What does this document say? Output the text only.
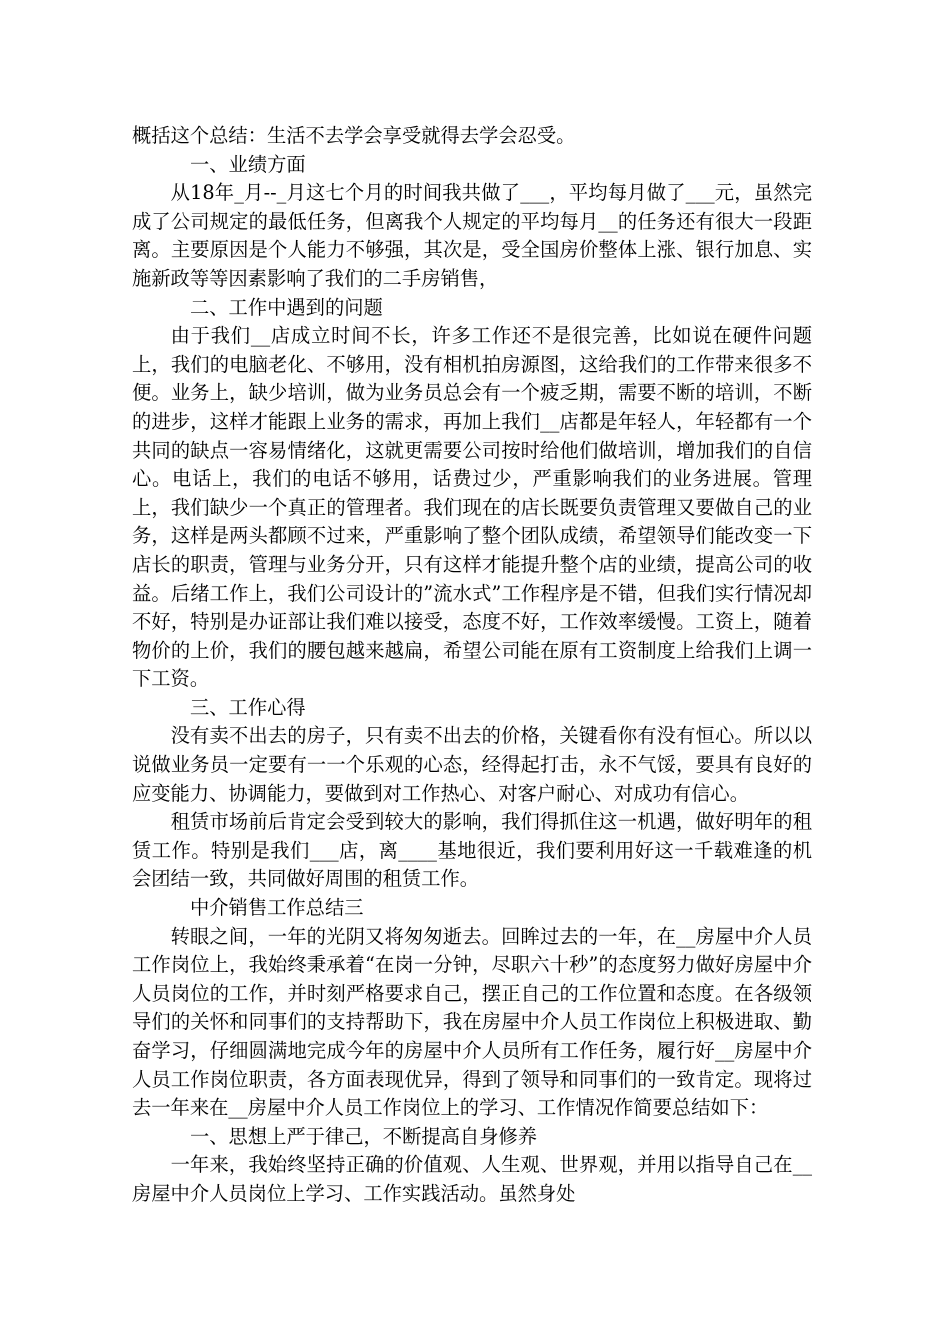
概括这个总结：生活不去学会享受就得去学会忍受。

一、业绩方面

从18年_月--_月这七个月的时间我共做了___，平均每月做了___元，虽然完成了公司规定的最低任务，但离我个人规定的平均每月__的任务还有很大一段距离。主要原因是个人能力不够强，其次是，受全国房价整体上涨、银行加息、实施新政等等因素影响了我们的二手房销售，

二、工作中遇到的问题

由于我们__店成立时间不长，许多工作还不是很完善，比如说在硬件问题上，我们的电脑老化、不够用，没有相机拍房源图，这给我们的工作带来很多不便。业务上，缺少培训，做为业务员总会有一个疲乏期，需要不断的培训，不断的进步，这样才能跟上业务的需求，再加上我们__店都是年轻人，年轻都有一个共同的缺点一容易情绪化，这就更需要公司按时给他们做培训，增加我们的自信心。电话上，我们的电话不够用，话费过少，严重影响我们的业务进展。管理上，我们缺少一个真正的管理者。我们现在的店长既要负责管理又要做自己的业务，这样是两头都顾不过来，严重影响了整个团队成绩，希望领导们能改变一下店长的职责，管理与业务分开，只有这样才能提升整个店的业绩，提高公司的收益。后绪工作上，我们公司设计的”流水式”工作程序是不错，但我们实行情况却不好，特别是办证部让我们难以接受，态度不好，工作效率缓慢。工资上，随着物价的上价，我们的腰包越来越扁，希望公司能在原有工资制度上给我们上调一下工资。

三、工作心得

没有卖不出去的房子，只有卖不出去的价格，关键看你有没有恒心。所以以说做业务员一定要有一一个乐观的心态，经得起打击，永不气馁，要具有良好的应变能力、协调能力，要做到对工作热心、对客户耐心、对成功有信心。

租赁市场前后肯定会受到较大的影响，我们得抓住这一机遇，做好明年的租赁工作。特别是我们___店，离____基地很近，我们要利用好这一千载难逢的机会团结一致，共同做好周围的租赁工作。

中介销售工作总结三

转眼之间，一年的光阴又将匆匆逝去。回眸过去的一年，在__房屋中介人员工作岗位上，我始终秉承着“在岗一分钟，尽职六十秒”的态度努力做好房屋中介人员岗位的工作，并时刻严格要求自己，摆正自己的工作位置和态度。在各级领导们的关怀和同事们的支持帮助下，我在房屋中介人员工作岗位上积极进取、勤奋学习，仔细圆满地完成今年的房屋中介人员所有工作任务，履行好__房屋中介人员工作岗位职责，各方面表现优异，得到了领导和同事们的一致肯定。现将过去一年来在__房屋中介人员工作岗位上的学习、工作情况作简要总结如下：

一、思想上严于律己，不断提高自身修养

一年来，我始终坚持正确的价值观、人生观、世界观，并用以指导自己在__房屋中介人员岗位上学习、工作实践活动。虽然身处
